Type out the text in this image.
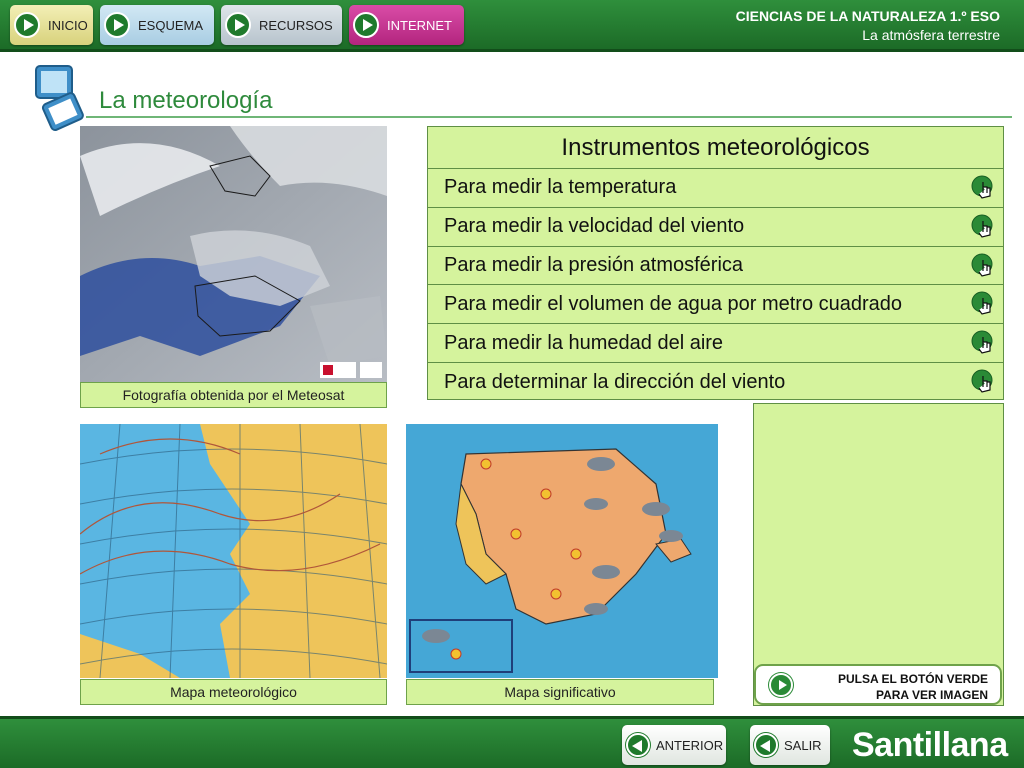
INICIO	ESQUEMA	RECURSOS	INTERNET
CIENCIAS DE LA NATURALEZA 1.º ESO
La atmósfera terrestre
La meteorología
Fotografía obtenida por el Meteosat
Instrumentos meteorológicos
Para medir la temperatura
Para medir la velocidad del viento
Para medir la presión atmosférica
Para medir el volumen de agua por metro cuadrado
Para medir la humedad del aire
Para determinar la dirección del viento
Mapa meteorológico	Mapa significativo
PULSA EL BOTÓN VERDE
PARA VER IMAGEN
ANTERIOR	SALIR Santillana
